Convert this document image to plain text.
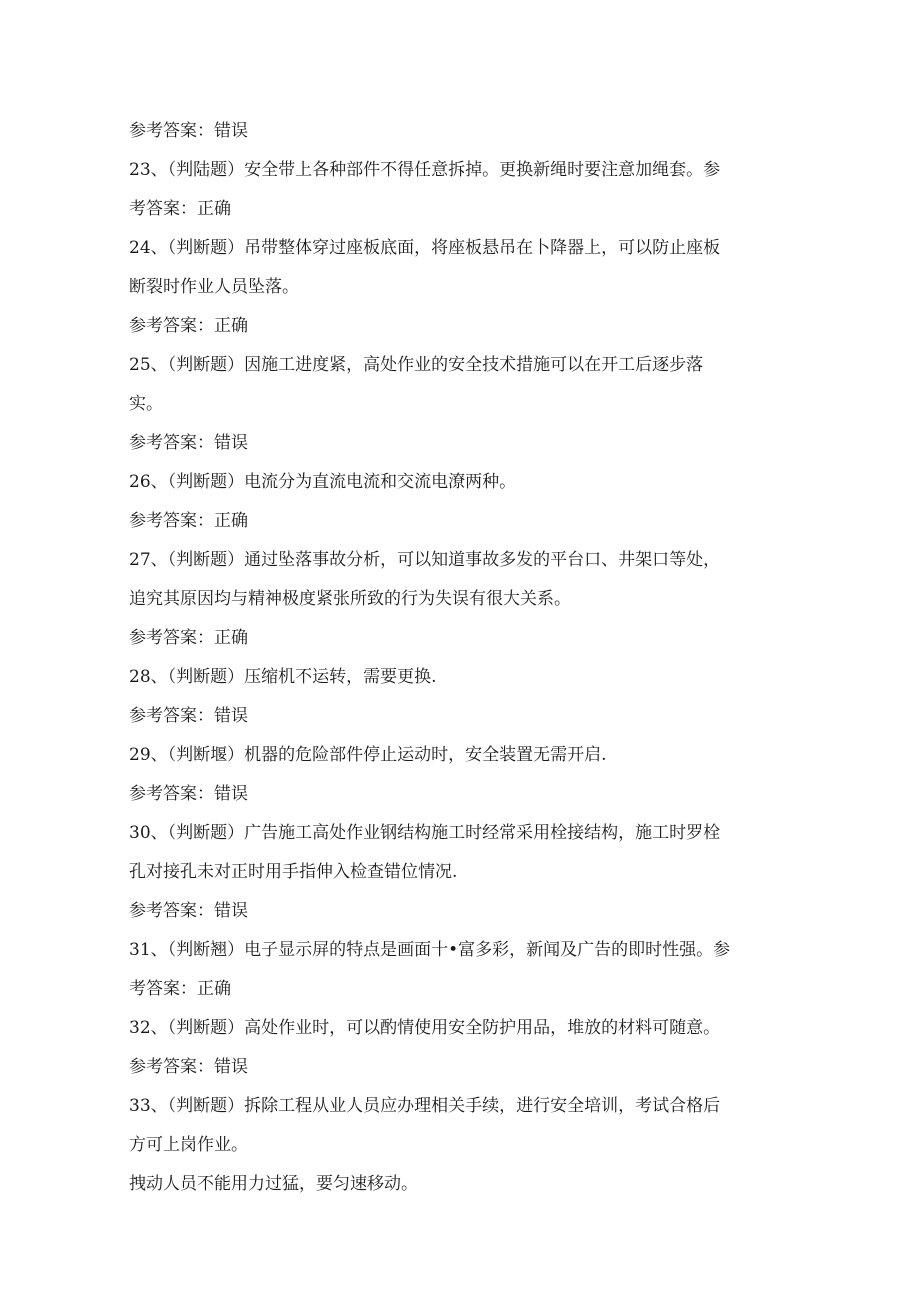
参考答案：错误
23、（判陆题）安全带上各种部件不得任意拆掉。更换新绳时要注意加绳套。参
考答案：正确
24、（判断题）吊带整体穿过座板底面，将座板悬吊在卜降器上，可以防止座板
断裂时作业人员坠落。
参考答案：正确
25、（判断题）因施工进度紧，高处作业的安全技术措施可以在开工后逐步落
实。
参考答案：错误
26、（判断题）电流分为直流电流和交流电潦两种。
参考答案：正确
27、（判断题）通过坠落事故分析，可以知道事故多发的平台口、井架口等处，
追究其原因均与精神极度紧张所致的行为失误有很大关系。
参考答案：正确
28、（判断题）压缩机不运转，需要更换.
参考答案：错误
29、（判断堰）机器的危险部件停止运动时，安全装置无需开启.
参考答案：错误
30、（判断题）广告施工高处作业钢结构施工时经常采用栓接结构，施工时罗栓
孔对接孔未对正时用手指伸入检查错位情况.
参考答案：错误
31、（判断翘）电子显示屏的特点是画面十•富多彩，新闻及广告的即时性强。参
考答案：正确
32、（判断题）高处作业时，可以酌情使用安全防护用品，堆放的材料可随意。
参考答案：错误
33、（判断题）拆除工程从业人员应办理相关手续，进行安全培训，考试合格后
方可上岗作业。
拽动人员不能用力过猛，要匀速移动。
